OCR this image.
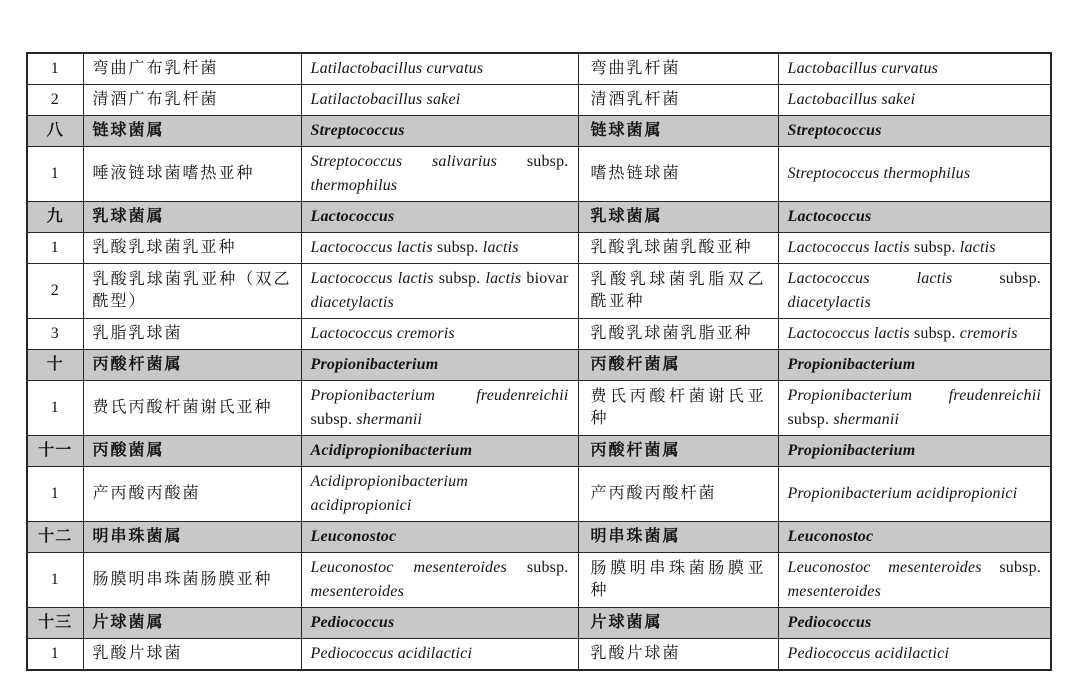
1	弯曲广布乳杆菌	Latilactobacillus curvatus	弯曲乳杆菌	Lactobacillus curvatus
2	清酒广布乳杆菌	Latilactobacillus sakei	清酒乳杆菌	Lactobacillus sakei
八	链球菌属	Streptococcus	链球菌属	Streptococcus
1	唾液链球菌嗜热亚种	Streptococcus salivarius subsp. thermophilus	嗜热链球菌	Streptococcus thermophilus
九	乳球菌属	Lactococcus	乳球菌属	Lactococcus
1	乳酸乳球菌乳亚种	Lactococcus lactis subsp. lactis	乳酸乳球菌乳酸亚种	Lactococcus lactis subsp. lactis
2	乳酸乳球菌乳亚种（双乙酰型）	Lactococcus lactis subsp. lactis biovar diacetylactis	乳酸乳球菌乳脂双乙酰亚种	Lactococcus lactis subsp. diacetylactis
3	乳脂乳球菌	Lactococcus cremoris	乳酸乳球菌乳脂亚种	Lactococcus lactis subsp. cremoris
十	丙酸杆菌属	Propionibacterium	丙酸杆菌属	Propionibacterium
1	费氏丙酸杆菌谢氏亚种	Propionibacterium freudenreichii subsp. shermanii	费氏丙酸杆菌谢氏亚种	Propionibacterium freudenreichii subsp. shermanii
十一	丙酸菌属	Acidipropionibacterium	丙酸杆菌属	Propionibacterium
1	产丙酸丙酸菌	Acidipropionibacterium acidipropionici	产丙酸丙酸杆菌	Propionibacterium acidipropionici
十二	明串珠菌属	Leuconostoc	明串珠菌属	Leuconostoc
1	肠膜明串珠菌肠膜亚种	Leuconostoc mesenteroides subsp. mesenteroides	肠膜明串珠菌肠膜亚种	Leuconostoc mesenteroides subsp. mesenteroides
十三	片球菌属	Pediococcus	片球菌属	Pediococcus
1	乳酸片球菌	Pediococcus acidilactici	乳酸片球菌	Pediococcus acidilactici
